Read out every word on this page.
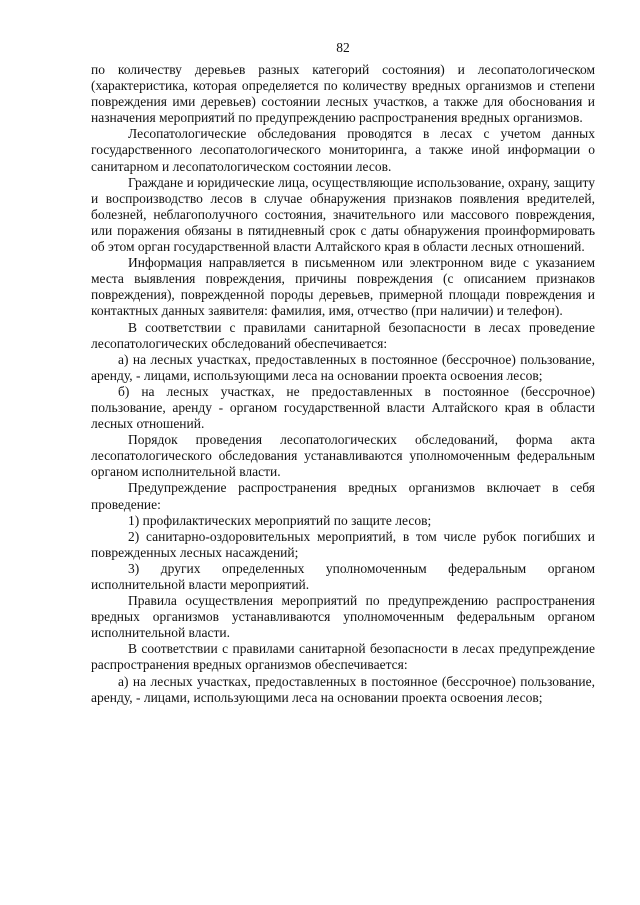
82

по количеству деревьев разных категорий состояния) и лесопатологическом (характеристика, которая определяется по количеству вредных организмов и степени повреждения ими деревьев) состоянии лесных участков, а также для обоснования и назначения мероприятий по предупреждению распространения вредных организмов.

Лесопатологические обследования проводятся в лесах с учетом данных государственного лесопатологического мониторинга, а также иной информации о санитарном и лесопатологическом состоянии лесов.

Граждане и юридические лица, осуществляющие использование, охрану, защиту и воспроизводство лесов в случае обнаружения признаков появления вредителей, болезней, неблагополучного состояния, значительного или массового повреждения, или поражения обязаны в пятидневный срок с даты обнаружения проинформировать об этом орган государственной власти Алтайского края в области лесных отношений.

Информация направляется в письменном или электронном виде с указанием места выявления повреждения, причины повреждения (с описанием признаков повреждения), поврежденной породы деревьев, примерной площади повреждения и контактных данных заявителя: фамилия, имя, отчество (при наличии) и телефон).

В соответствии с правилами санитарной безопасности в лесах проведение лесопатологических обследований обеспечивается:

а) на лесных участках, предоставленных в постоянное (бессрочное) пользование, аренду, - лицами, использующими леса на основании проекта освоения лесов;

б) на лесных участках, не предоставленных в постоянное (бессрочное) пользование, аренду - органом государственной власти Алтайского края в области лесных отношений.

Порядок проведения лесопатологических обследований, форма акта лесопатологического обследования устанавливаются уполномоченным федеральным органом исполнительной власти.

Предупреждение распространения вредных организмов включает в себя проведение:

1) профилактических мероприятий по защите лесов;

2) санитарно-оздоровительных мероприятий, в том числе рубок погибших и поврежденных лесных насаждений;

3) других определенных уполномоченным федеральным органом исполнительной власти мероприятий.

Правила осуществления мероприятий по предупреждению распространения вредных организмов устанавливаются уполномоченным федеральным органом исполнительной власти.

В соответствии с правилами санитарной безопасности в лесах предупреждение распространения вредных организмов обеспечивается:

а) на лесных участках, предоставленных в постоянное (бессрочное) пользование, аренду, - лицами, использующими леса на основании проекта освоения лесов;
